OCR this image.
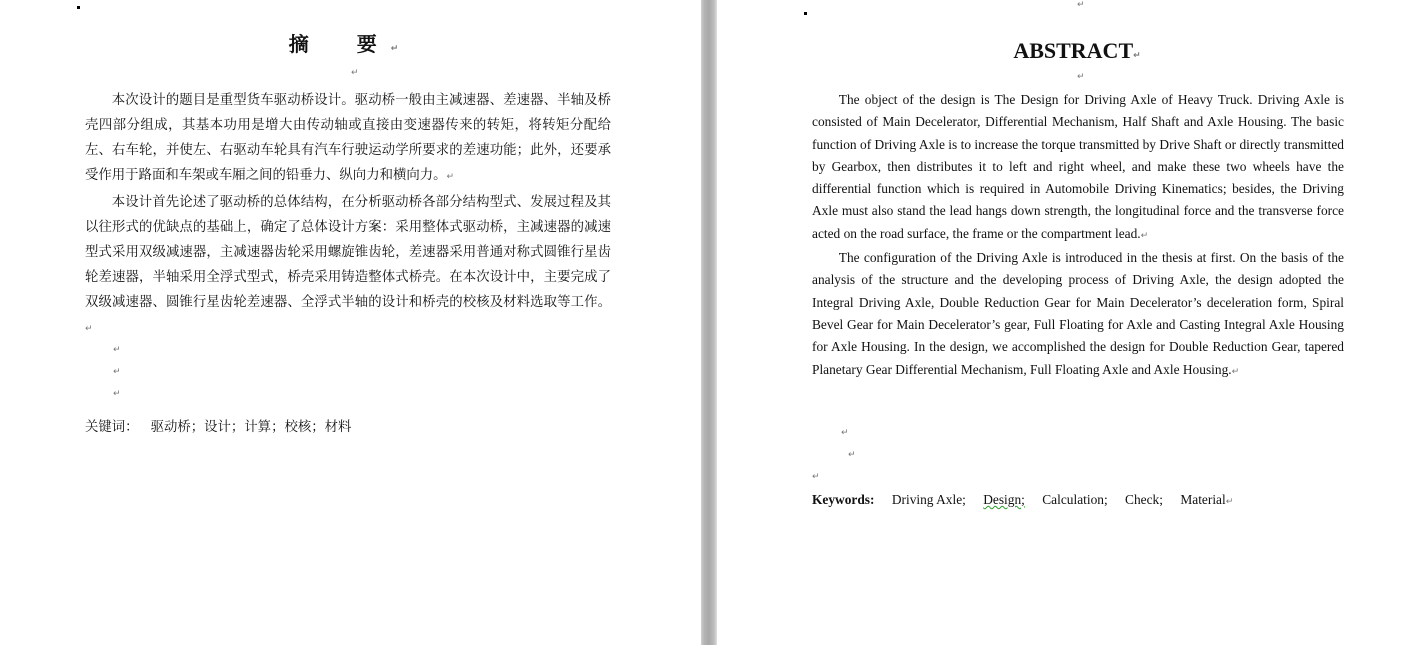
摘　要↵
↵

本次设计的题目是重型货车驱动桥设计。驱动桥一般由主减速器、差速器、半轴及桥壳四部分组成，其基本功用是增大由传动轴或直接由变速器传来的转矩，将转矩分配给左、右车轮，并使左、右驱动车轮具有汽车行驶运动学所要求的差速功能；此外，还要承受作用于路面和车架或车厢之间的铅垂力、纵向力和横向力。↵

本设计首先论述了驱动桥的总体结构，在分析驱动桥各部分结构型式、发展过程及其以往形式的优缺点的基础上，确定了总体设计方案：采用整体式驱动桥，主减速器的减速型式采用双级减速器，主减速器齿轮采用螺旋锥齿轮，差速器采用普通对称式圆锥行星齿轮差速器，半轴采用全浮式型式，桥壳采用铸造整体式桥壳。在本次设计中，主要完成了双级减速器、圆锥行星齿轮差速器、全浮式半轴的设计和桥壳的校核及材料选取等工作。↵

↵
↵
↵
关键词： 驱动桥；设计；计算；校核；材料
↵
ABSTRACT↵
↵

The object of the design is The Design for Driving Axle of Heavy Truck. Driving Axle is consisted of Main Decelerator, Differential Mechanism, Half Shaft and Axle Housing. The basic function of Driving Axle is to increase the torque transmitted by Drive Shaft or directly transmitted by Gearbox, then distributes it to left and right wheel, and make these two wheels have the differential function which is required in Automobile Driving Kinematics; besides, the Driving Axle must also stand the lead hangs down strength, the longitudinal force and the transverse force acted on the road surface, the frame or the compartment lead.↵

The configuration of the Driving Axle is introduced in the thesis at first. On the basis of the analysis of the structure and the developing process of Driving Axle, the design adopted the Integral Driving Axle, Double Reduction Gear for Main Decelerator’s deceleration form, Spiral Bevel Gear for Main Decelerator’s gear, Full Floating for Axle and Casting Integral Axle Housing for Axle Housing. In the design, we accomplished the design for Double Reduction Gear, tapered Planetary Gear Differential Mechanism, Full Floating Axle and Axle Housing.↵

↵
↵
↵
Keywords: Driving Axle; Design; Calculation; Check; Material↵
